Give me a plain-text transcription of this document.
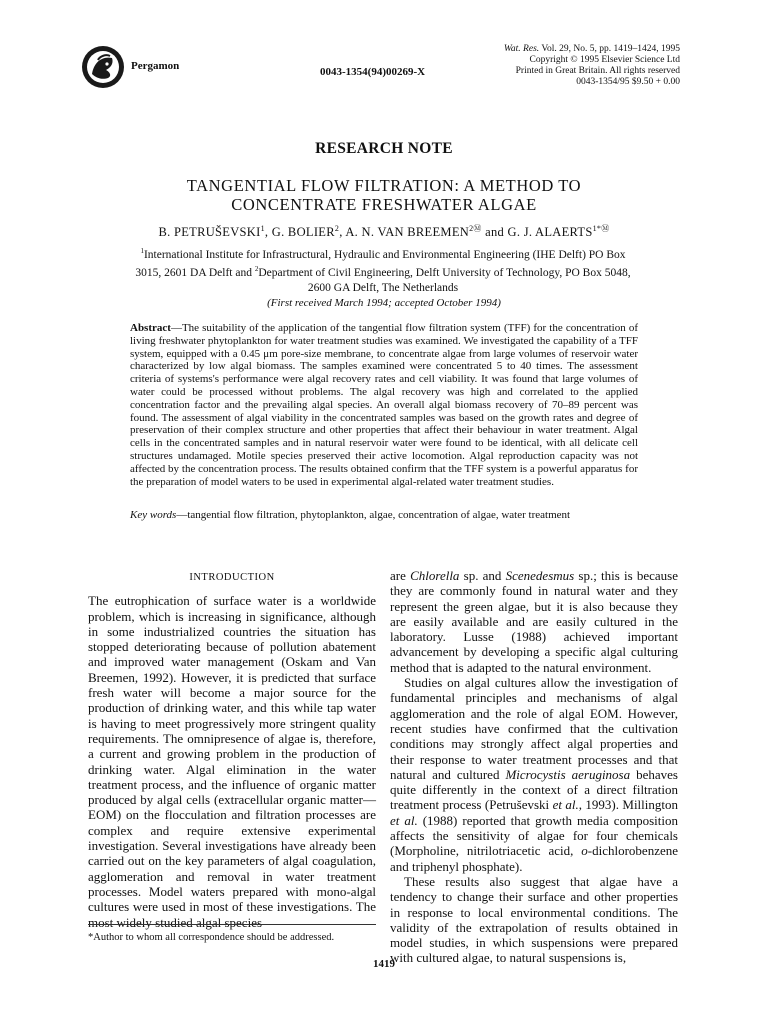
Pergamon	0043-1354(94)00269-X
Wat. Res. Vol. 29, No. 5, pp. 1419–1424, 1995
Copyright © 1995 Elsevier Science Ltd
Printed in Great Britain. All rights reserved
0043-1354/95 $9.50 + 0.00
RESEARCH NOTE
TANGENTIAL FLOW FILTRATION: A METHOD TO
CONCENTRATE FRESHWATER ALGAE
B. PETRUŠEVSKI$^1$, G. BOLIER$^2$, A. N. VAN $BREEMEN^{2Ⓜ}$ and G. J. $ALAERTS^{1*Ⓜ}$
$^1$International Institute for Infrastructural, Hydraulic and Environmental Engineering (IHE Delft) PO Box 3015, 2601 DA Delft and $^2$Department of Civil Engineering, Delft University of Technology, PO Box 5048, 2600 GA Delft, The Netherlands
(First received March 1994; accepted October 1994)
Abstract—The suitability of the application of the tangential flow filtration system (TFF) for the concentration of living freshwater phytoplankton for water treatment studies was examined. We investigated the capability of a TFF system, equipped with a 0.45 μm pore-size membrane, to concentrate algae from large volumes of reservoir water characterized by low algal biomass. The samples examined were concentrated 5 to 40 times. The assessment criteria of systems's performance were algal recovery rates and cell viability. It was found that large volumes of water could be processed without problems. The algal recovery was high and correlated to the applied concentration factor and the prevailing algal species. An overall algal biomass recovery of 70–89 percent was found. The assessment of algal viability in the concentrated samples was based on the growth rates and degree of preservation of their complex structure and other properties that affect their behaviour in water treatment. Algal cells in the concentrated samples and in natural reservoir water were found to be identical, with all delicate cell structures undamaged. Motile species preserved their active locomotion. Algal reproduction capacity was not affected by the concentration process. The results obtained confirm that the TFF system is a powerful apparatus for the preparation of model waters to be used in experimental algal-related water treatment studies.
Key words—tangential flow filtration, phytoplankton, algae, concentration of algae, water treatment
INTRODUCTION

The eutrophication of surface water is a worldwide problem, which is increasing in significance, although in some industrialized countries the situation has stopped deteriorating because of pollution abatement and improved water management (Oskam and Van Breemen, 1992). However, it is predicted that surface fresh water will become a major source for the production of drinking water, and this while tap water is having to meet progressively more stringent quality requirements. The omnipresence of algae is, therefore, a current and growing problem in the production of drinking water. Algal elimination in the water treatment process, and the influence of organic matter produced by algal cells (extracellular organic matter—EOM) on the flocculation and filtration processes are complex and require extensive experimental investigation. Several investigations have already been carried out on the key parameters of algal coagulation, agglomeration and removal in water treatment processes. Model waters prepared with mono-algal cultures were used in most of these investigations. The most widely studied algal species

are Chlorella sp. and Scenedesmus sp.; this is because they are commonly found in natural water and they represent the green algae, but it is also because they are easily available and are easily cultured in the laboratory. Lusse (1988) achieved important advancement by developing a specific algal culturing method that is adapted to the natural environment.

Studies on algal cultures allow the investigation of fundamental principles and mechanisms of algal agglomeration and the role of algal EOM. However, recent studies have confirmed that the cultivation conditions may strongly affect algal properties and their response to water treatment processes and that natural and cultured Microcystis aeruginosa behaves quite differently in the context of a direct filtration treatment process (Petruševski et al., 1993). Millington et al. (1988) reported that growth media composition affects the sensitivity of algae for four chemicals (Morpholine, nitrilotriacetic acid, o-dichlorobenzene and triphenyl phosphate).

These results also suggest that algae have a tendency to change their surface and other properties in response to local environmental conditions. The validity of the extrapolation of results obtained in model studies, in which suspensions were prepared with cultured algae, to natural suspensions is,

*Author to whom all correspondence should be addressed.
1419
